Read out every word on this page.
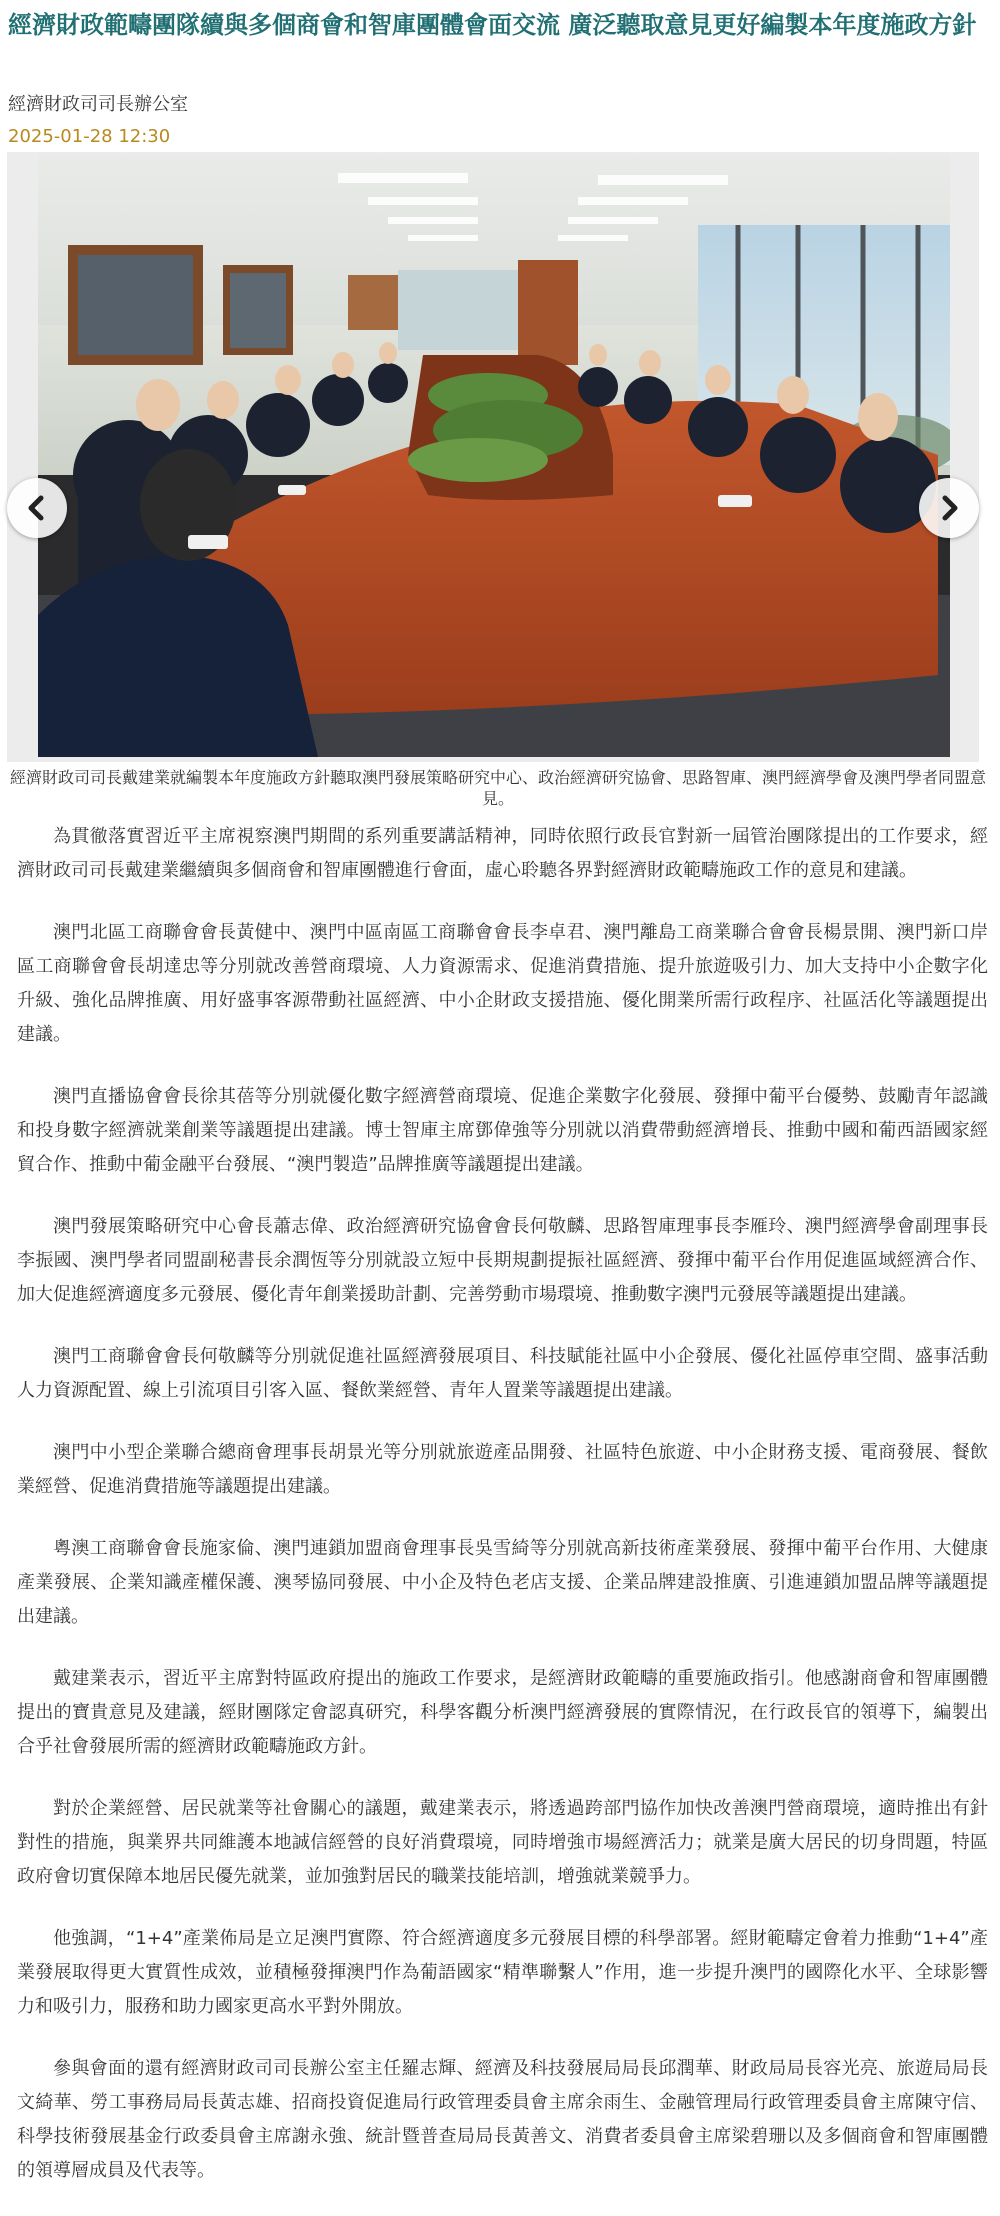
經濟財政範疇團隊續與多個商會和智庫團體會面交流 廣泛聽取意見更好編製本年度施政方針
經濟財政司司長辦公室
2025-01-28 12:30
經濟財政司司長戴建業就編製本年度施政方針聽取澳門發展策略研究中心、政治經濟研究協會、思路智庫、澳門經濟學會及澳門學者同盟意見。

為貫徹落實習近平主席視察澳門期間的系列重要講話精神，同時依照行政長官對新一屆管治團隊提出的工作要求，經濟財政司司長戴建業繼續與多個商會和智庫團體進行會面，虛心聆聽各界對經濟財政範疇施政工作的意見和建議。

澳門北區工商聯會會長黃健中、澳門中區南區工商聯會會長李卓君、澳門離島工商業聯合會會長楊景開、澳門新口岸區工商聯會會長胡達忠等分別就改善營商環境、人力資源需求、促進消費措施、提升旅遊吸引力、加大支持中小企數字化升級、強化品牌推廣、用好盛事客源帶動社區經濟、中小企財政支援措施、優化開業所需行政程序、社區活化等議題提出建議。

澳門直播協會會長徐其蓓等分別就優化數字經濟營商環境、促進企業數字化發展、發揮中葡平台優勢、鼓勵青年認識和投身數字經濟就業創業等議題提出建議。博士智庫主席鄧偉強等分別就以消費帶動經濟增長、推動中國和葡西語國家經貿合作、推動中葡金融平台發展、“澳門製造”品牌推廣等議題提出建議。

澳門發展策略研究中心會長蕭志偉、政治經濟研究協會會長何敬麟、思路智庫理事長李雁玲、澳門經濟學會副理事長李振國、澳門學者同盟副秘書長余潤恆等分別就設立短中長期規劃提振社區經濟、發揮中葡平台作用促進區域經濟合作、加大促進經濟適度多元發展、優化青年創業援助計劃、完善勞動市場環境、推動數字澳門元發展等議題提出建議。

澳門工商聯會會長何敬麟等分別就促進社區經濟發展項目、科技賦能社區中小企發展、優化社區停車空間、盛事活動人力資源配置、線上引流項目引客入區、餐飲業經營、青年人置業等議題提出建議。

澳門中小型企業聯合總商會理事長胡景光等分別就旅遊產品開發、社區特色旅遊、中小企財務支援、電商發展、餐飲業經營、促進消費措施等議題提出建議。

粵澳工商聯會會長施家倫、澳門連鎖加盟商會理事長吳雪綺等分別就高新技術產業發展、發揮中葡平台作用、大健康產業發展、企業知識產權保護、澳琴協同發展、中小企及特色老店支援、企業品牌建設推廣、引進連鎖加盟品牌等議題提出建議。

戴建業表示，習近平主席對特區政府提出的施政工作要求，是經濟財政範疇的重要施政指引。他感謝商會和智庫團體提出的寶貴意見及建議，經財團隊定會認真研究，科學客觀分析澳門經濟發展的實際情況，在行政長官的領導下，編製出合乎社會發展所需的經濟財政範疇施政方針。

對於企業經營、居民就業等社會關心的議題，戴建業表示，將透過跨部門協作加快改善澳門營商環境，適時推出有針對性的措施，與業界共同維護本地誠信經營的良好消費環境，同時增強市場經濟活力；就業是廣大居民的切身問題，特區政府會切實保障本地居民優先就業，並加強對居民的職業技能培訓，增強就業競爭力。

他強調，“1+4”產業佈局是立足澳門實際、符合經濟適度多元發展目標的科學部署。經財範疇定會着力推動“1+4”產業發展取得更大實質性成效，並積極發揮澳門作為葡語國家“精準聯繫人”作用，進一步提升澳門的國際化水平、全球影響力和吸引力，服務和助力國家更高水平對外開放。

參與會面的還有經濟財政司司長辦公室主任羅志輝、經濟及科技發展局局長邱潤華、財政局局長容光亮、旅遊局局長文綺華、勞工事務局局長黃志雄、招商投資促進局行政管理委員會主席余雨生、金融管理局行政管理委員會主席陳守信、科學技術發展基金行政委員會主席謝永強、統計暨普查局局長黃善文、消費者委員會主席梁碧珊以及多個商會和智庫團體的領導層成員及代表等。
